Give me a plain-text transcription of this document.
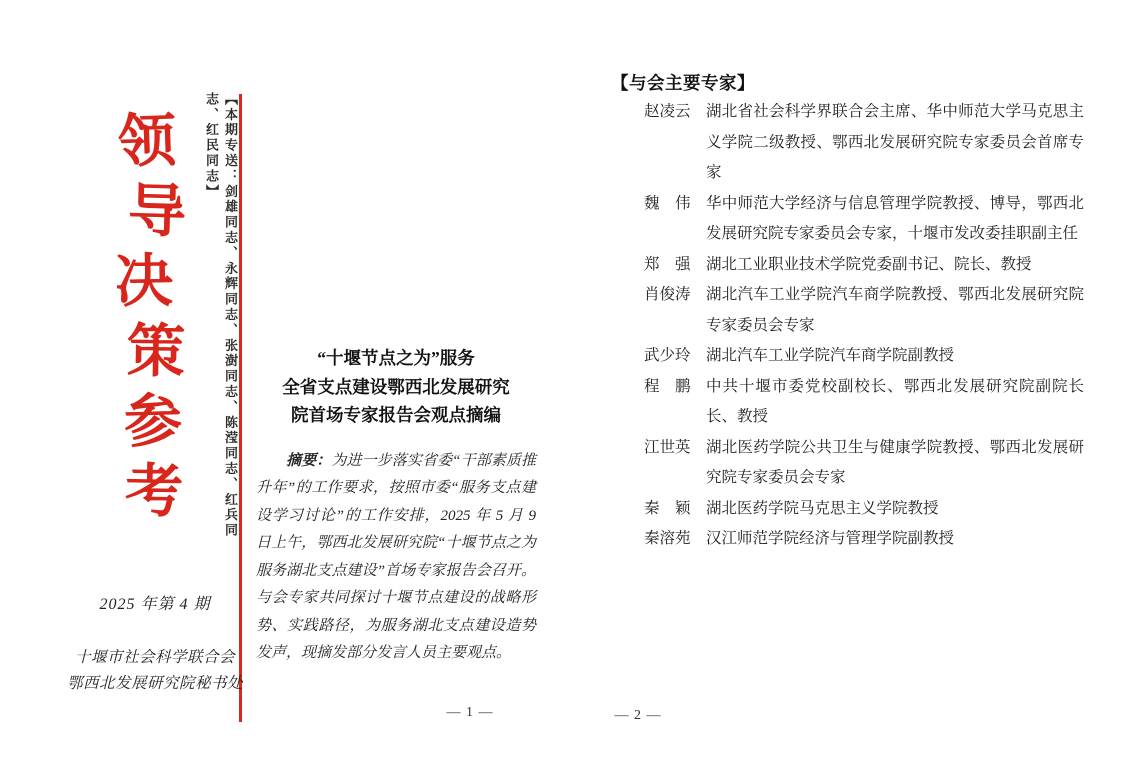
领
导
决
策
参
考	【本期专送：剑雄同志、永辉同志、张澍同志、陈滢同志、红兵同志、红民同志】
2025 年第 4 期
十堰市社会科学联合会
鄂西北发展研究院秘书处
“十堰节点之为”服务
全省支点建设鄂西北发展研究
院首场专家报告会观点摘编
摘要：为进一步落实省委“干部素质推升年”的工作要求，按照市委“服务支点建设学习讨论”的工作安排，2025 年 5 月 9 日上午，鄂西北发展研究院“十堰节点之为 服务湖北支点建设”首场专家报告会召开。与会专家共同探讨十堰节点建设的战略形势、实践路径，为服务湖北支点建设造势发声，现摘发部分发言人员主要观点。
— 1 —
【与会主要专家】
赵凌云 湖北省社会科学界联合会主席、华中师范大学马克思主义学院二级教授、鄂西北发展研究院专家委员会首席专家
魏　伟 华中师范大学经济与信息管理学院教授、博导，鄂西北发展研究院专家委员会专家，十堰市发改委挂职副主任
郑　强 湖北工业职业技术学院党委副书记、院长、教授
肖俊涛 湖北汽车工业学院汽车商学院教授、鄂西北发展研究院专家委员会专家
武少玲 湖北汽车工业学院汽车商学院副教授
程　鹏 中共十堰市委党校副校长、鄂西北发展研究院副院长长、教授
江世英 湖北医药学院公共卫生与健康学院教授、鄂西北发展研究院专家委员会专家
秦　颖 湖北医药学院马克思主义学院教授
秦溶苑 汉江师范学院经济与管理学院副教授
— 2 —
